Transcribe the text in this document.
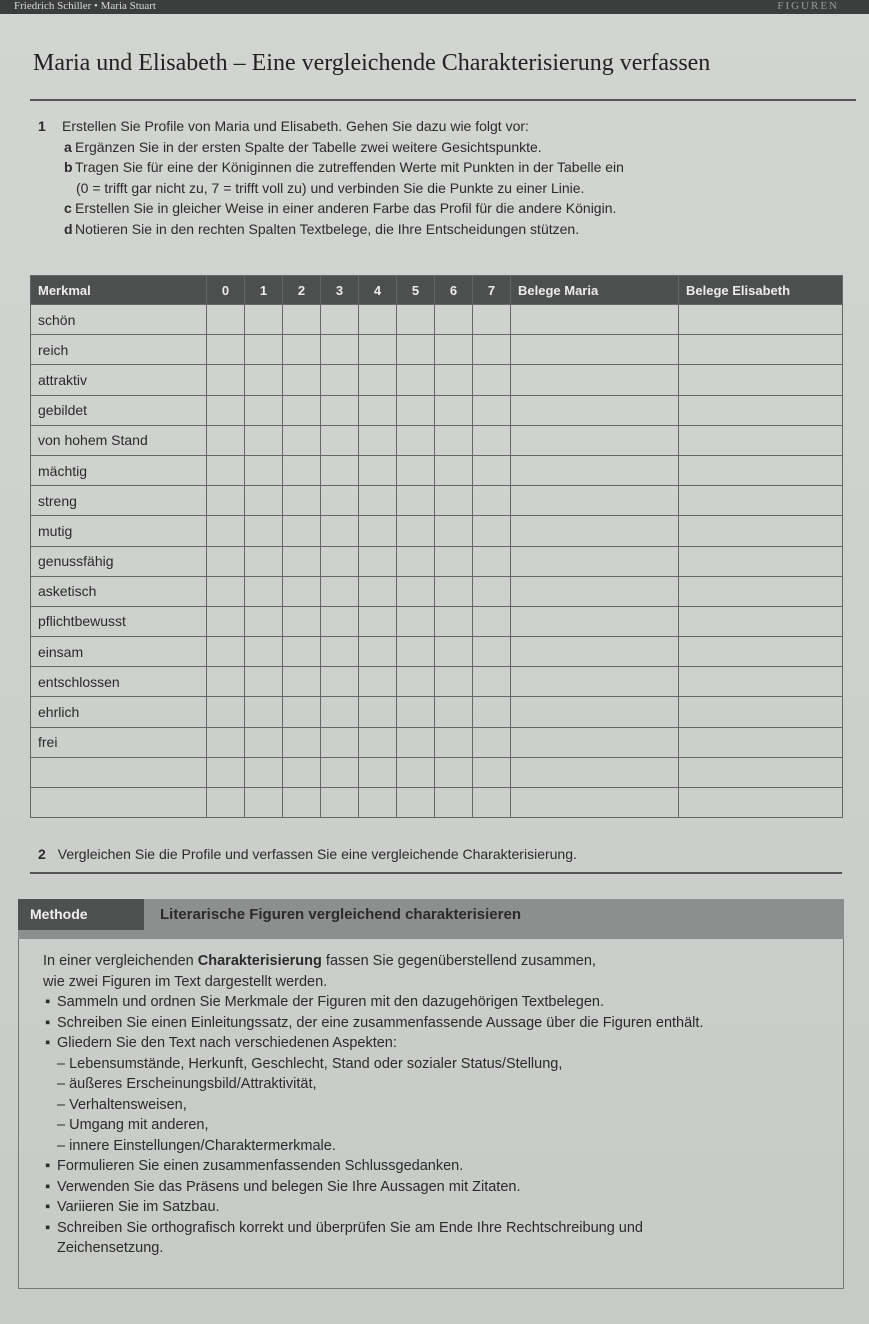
Friedrich Schiller • Maria Stuart	FIGUREN
Maria und Elisabeth – Eine vergleichende Charakterisierung verfassen
1	Erstellen Sie Profile von Maria und Elisabeth. Gehen Sie dazu wie folgt vor:
a Ergänzen Sie in der ersten Spalte der Tabelle zwei weitere Gesichtspunkte.
b Tragen Sie für eine der Königinnen die zutreffenden Werte mit Punkten in der Tabelle ein
(0 = trifft gar nicht zu, 7 = trifft voll zu) und verbinden Sie die Punkte zu einer Linie.
c Erstellen Sie in gleicher Weise in einer anderen Farbe das Profil für die andere Königin.
d Notieren Sie in den rechten Spalten Textbelege, die Ihre Entscheidungen stützen.
Merkmal	0	1	2	3	4	5	6	7	Belege Maria	Belege Elisabeth
schön										
reich										
attraktiv										
gebildet										
von hohem Stand										
mächtig										
streng										
mutig										
genussfähig										
asketisch										
pflichtbewusst										
einsam										
entschlossen										
ehrlich										
frei										

2 Vergleichen Sie die Profile und verfassen Sie eine vergleichende Charakterisierung.
Methode	Literarische Figuren vergleichend charakterisieren

In einer vergleichenden Charakterisierung fassen Sie gegenüberstellend zusammen,

wie zwei Figuren im Text dargestellt werden.

▪ Sammeln und ordnen Sie Merkmale der Figuren mit den dazugehörigen Textbelegen.
▪ Schreiben Sie einen Einleitungssatz, der eine zusammenfassende Aussage über die Figuren enthält.
▪ Gliedern Sie den Text nach verschiedenen Aspekten:
– Lebensumstände, Herkunft, Geschlecht, Stand oder sozialer Status/Stellung,
– äußeres Erscheinungsbild/Attraktivität,
– Verhaltensweisen,
– Umgang mit anderen,
– innere Einstellungen/Charaktermerkmale.
▪ Formulieren Sie einen zusammenfassenden Schlussgedanken.
▪ Verwenden Sie das Präsens und belegen Sie Ihre Aussagen mit Zitaten.
▪ Variieren Sie im Satzbau.
▪ Schreiben Sie orthografisch korrekt und überprüfen Sie am Ende Ihre Rechtschreibung und
Zeichensetzung.
